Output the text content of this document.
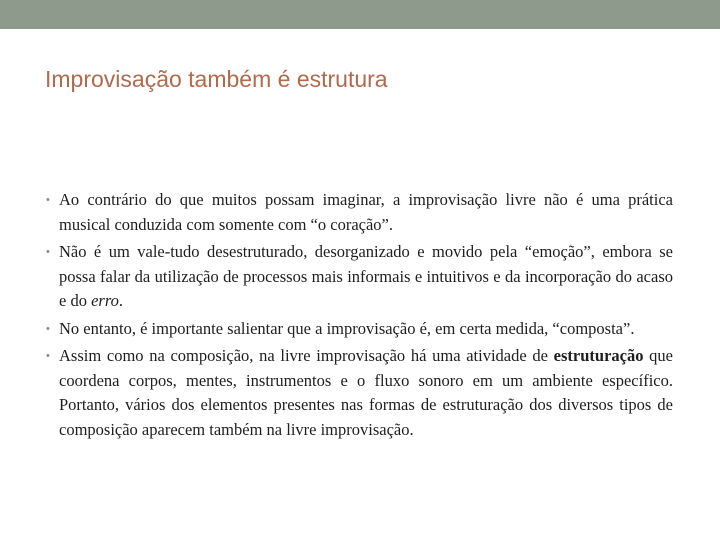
Improvisação também é estrutura
• Ao contrário do que muitos possam imaginar, a improvisação livre não é uma prática musical conduzida com somente com “o coração”.
• Não é um vale-tudo desestruturado, desorganizado e movido pela “emoção”, embora se possa falar da utilização de processos mais informais e intuitivos e da incorporação do acaso e do erro.
• No entanto, é importante salientar que a improvisação é, em certa medida, “composta”.
• Assim como na composição, na livre improvisação há uma atividade de estruturação que coordena corpos, mentes, instrumentos e o fluxo sonoro em um ambiente específico. Portanto, vários dos elementos presentes nas formas de estruturação dos diversos tipos de composição aparecem também na livre improvisação.
